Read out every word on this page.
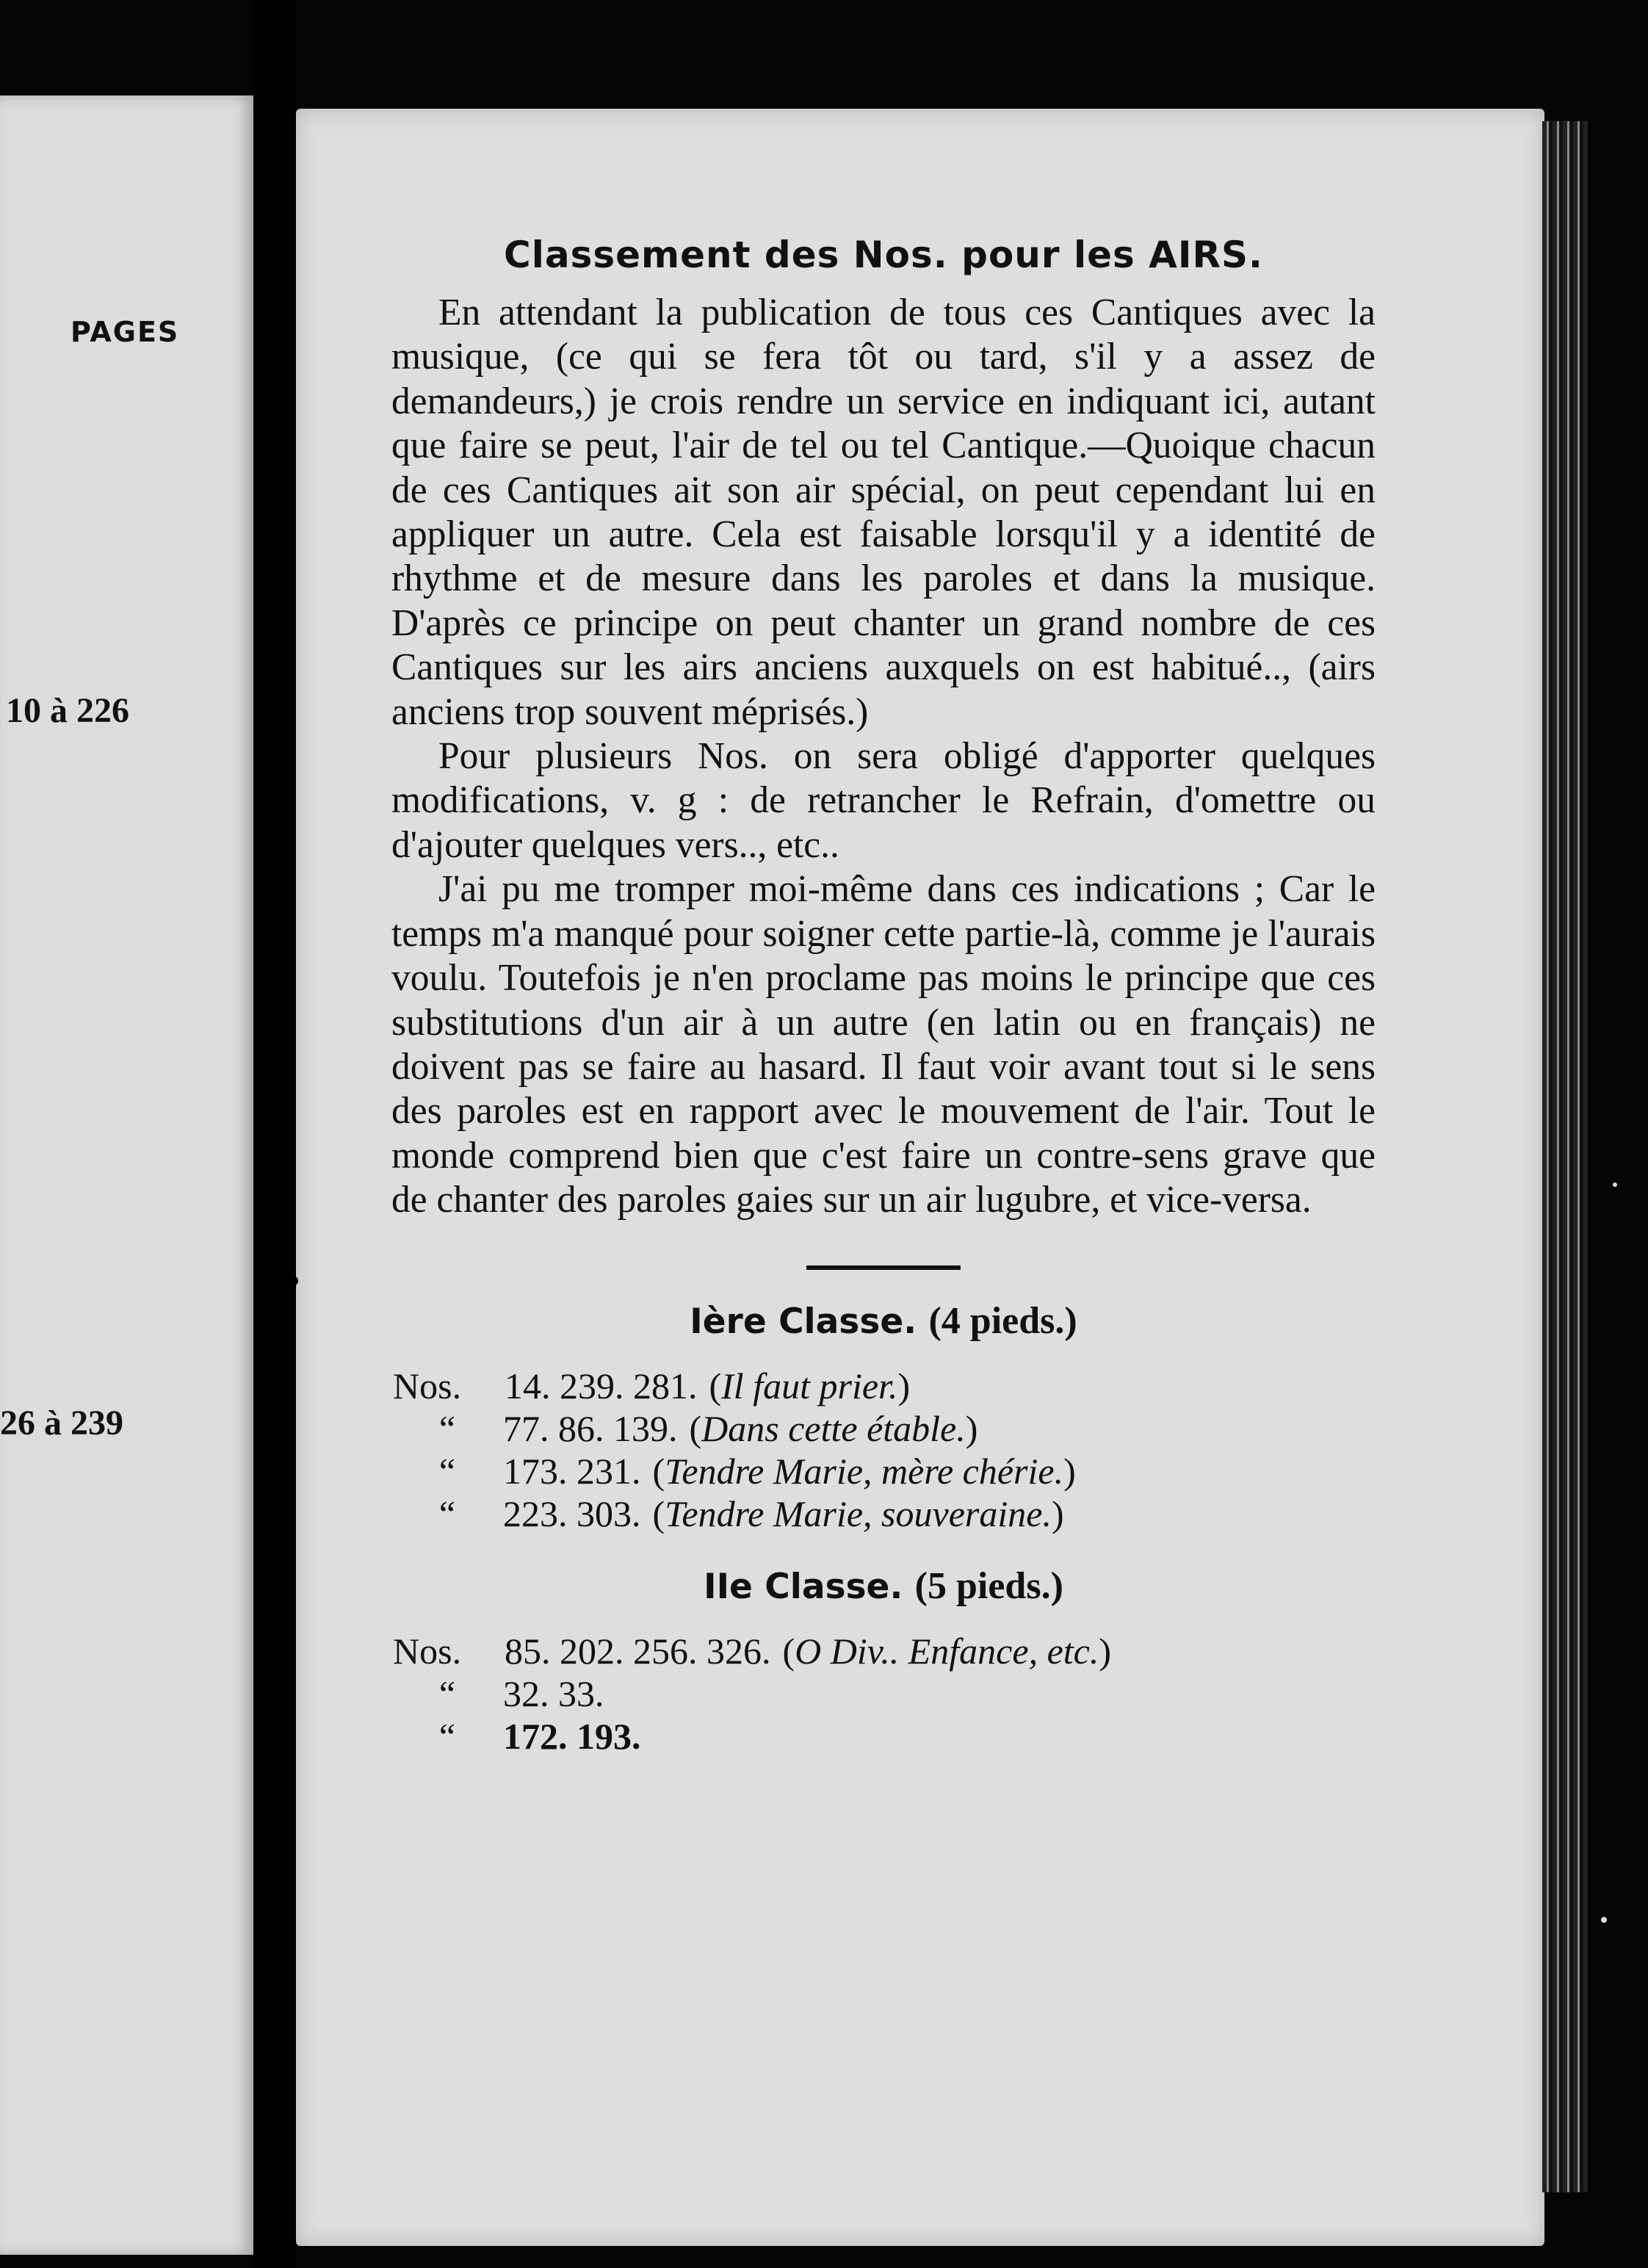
PAGES
10 à 226
26 à 239
Classement des Nos. pour les AIRS.

En attendant la publication de tous ces Cantiques avec la musique, (ce qui se fera tôt ou tard, s'il y a assez de demandeurs,) je crois rendre un service en indiquant ici, autant que faire se peut, l'air de tel ou tel Cantique.—Quoique chacun de ces Cantiques ait son air spécial, on peut cependant lui en appliquer un autre. Cela est faisable lorsqu'il y a identité de rhythme et de mesure dans les paroles et dans la musique. D'après ce principe on peut chanter un grand nombre de ces Cantiques sur les airs anciens auxquels on est habitué.., (airs anciens trop souvent méprisés.)

Pour plusieurs Nos. on sera obligé d'apporter quelques modifications, v. g : de retrancher le Refrain, d'omettre ou d'ajouter quelques vers.., etc..

J'ai pu me tromper moi-même dans ces indications ; Car le temps m'a manqué pour soigner cette partie-là, comme je l'aurais voulu. Toutefois je n'en proclame pas moins le principe que ces substitutions d'un air à un autre (en latin ou en français) ne doivent pas se faire au hasard. Il faut voir avant tout si le sens des paroles est en rapport avec le mouvement de l'air. Tout le monde comprend bien que c'est faire un contre-sens grave que de chanter des paroles gaies sur un air lugubre, et vice-versa.

Ière Classe. (4 pieds.)
Nos.	14. 239. 281. (Il faut prier.)
“	77. 86. 139. (Dans cette étable.)
“	173. 231. (Tendre Marie, mère chérie.)
“	223. 303. (Tendre Marie, souveraine.)
IIe Classe. (5 pieds.)
Nos.	85. 202. 256. 326. (O Div.. Enfance, etc.)
“	32. 33.
“	172. 193.
